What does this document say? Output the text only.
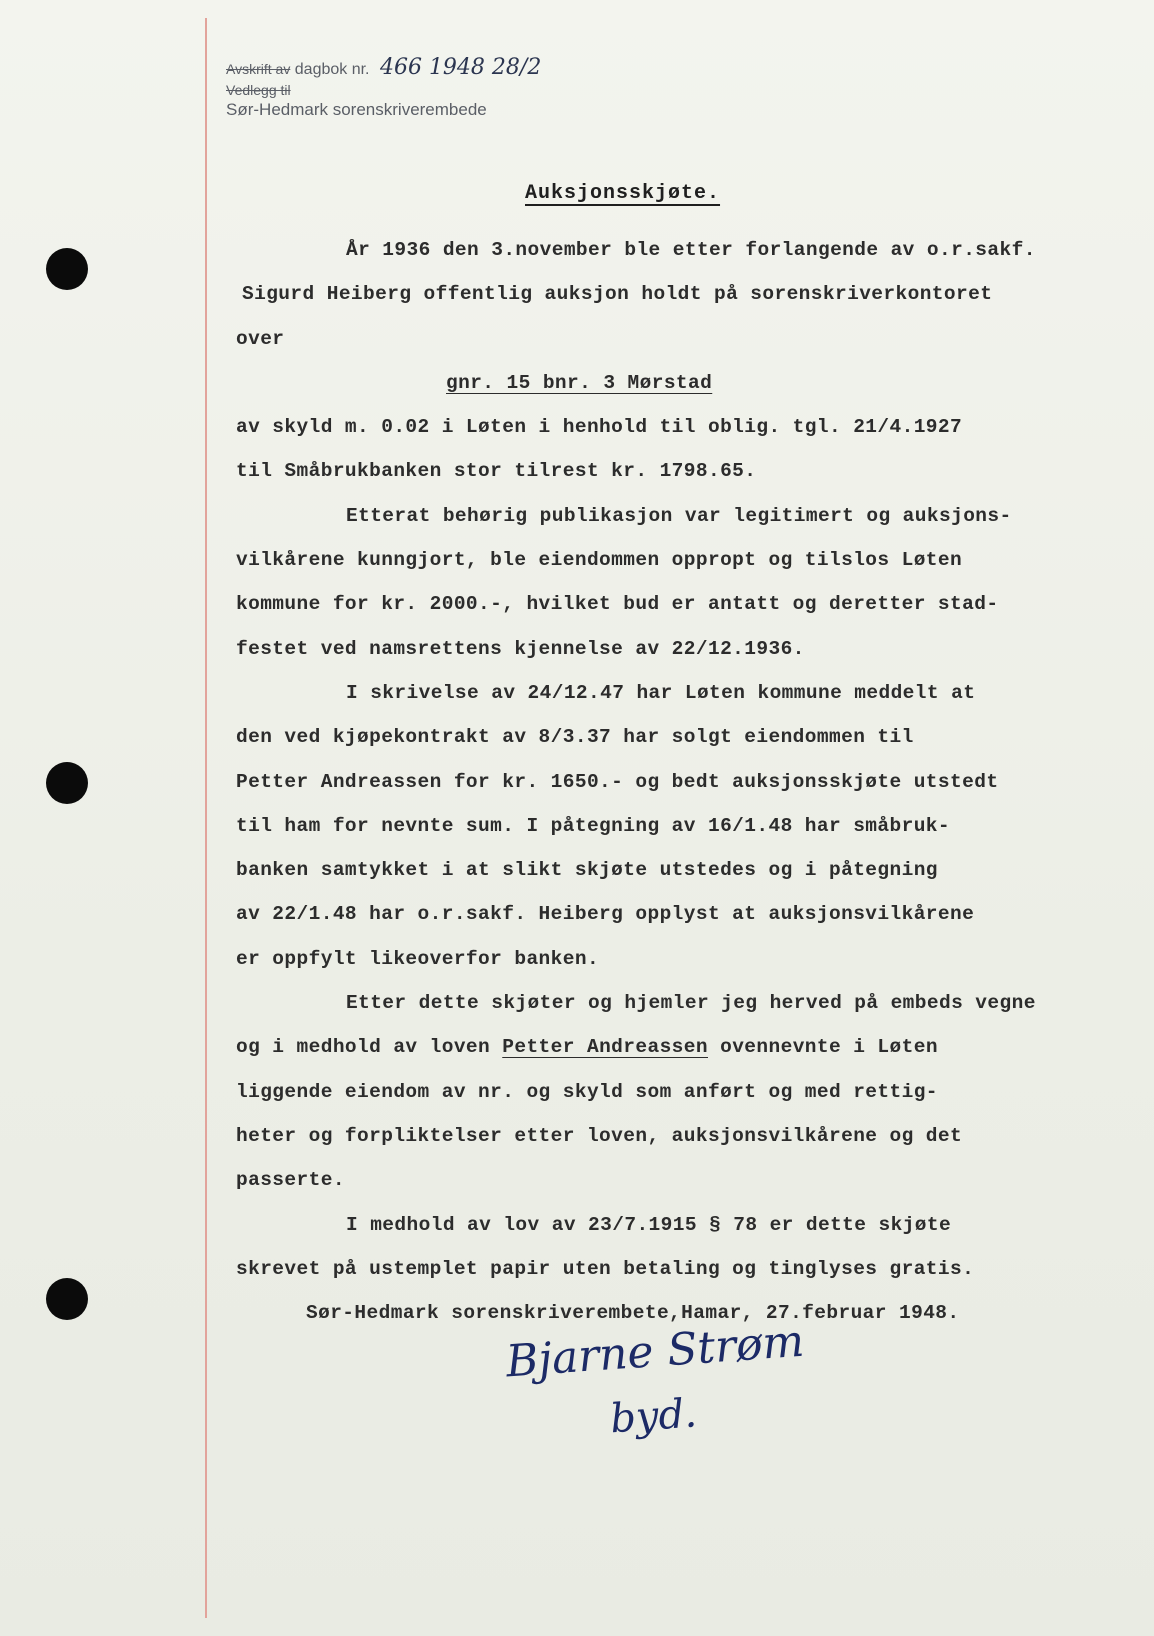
Avskrift av dagbok nr. 466 1948 28/2
Vedlegg til
Sør-Hedmark sorenskriverembede
Auksjonsskjøte.

År 1936 den 3.november ble etter forlangende av o.r.sakf.

Sigurd Heiberg offentlig auksjon holdt på sorenskriverkontoret

over

gnr. 15 bnr. 3 Mørstad

av skyld m. 0.02 i Løten i henhold til oblig. tgl. 21/4.1927

til Småbrukbanken stor tilrest kr. 1798.65.

Etterat behørig publikasjon var legitimert og auksjons-

vilkårene kunngjort, ble eiendommen oppropt og tilslos Løten

kommune for kr. 2000.-, hvilket bud er antatt og deretter stad-

festet ved namsrettens kjennelse av 22/12.1936.

I skrivelse av 24/12.47 har Løten kommune meddelt at

den ved kjøpekontrakt av 8/3.37 har solgt eiendommen til

Petter Andreassen for kr. 1650.- og bedt auksjonsskjøte utstedt

til ham for nevnte sum. I påtegning av 16/1.48 har småbruk-

banken samtykket i at slikt skjøte utstedes og i påtegning

av 22/1.48 har o.r.sakf. Heiberg opplyst at auksjonsvilkårene

er oppfylt likeoverfor banken.

Etter dette skjøter og hjemler jeg herved på embeds vegne

og i medhold av loven Petter Andreassen ovennevnte i Løten

liggende eiendom av nr. og skyld som anført og med rettig-

heter og forpliktelser etter loven, auksjonsvilkårene og det

passerte.

I medhold av lov av 23/7.1915 § 78 er dette skjøte

skrevet på ustemplet papir uten betaling og tinglyses gratis.

Sør-Hedmark sorenskriverembete,Hamar, 27.februar 1948.

Bjarne Strøm
byd.
